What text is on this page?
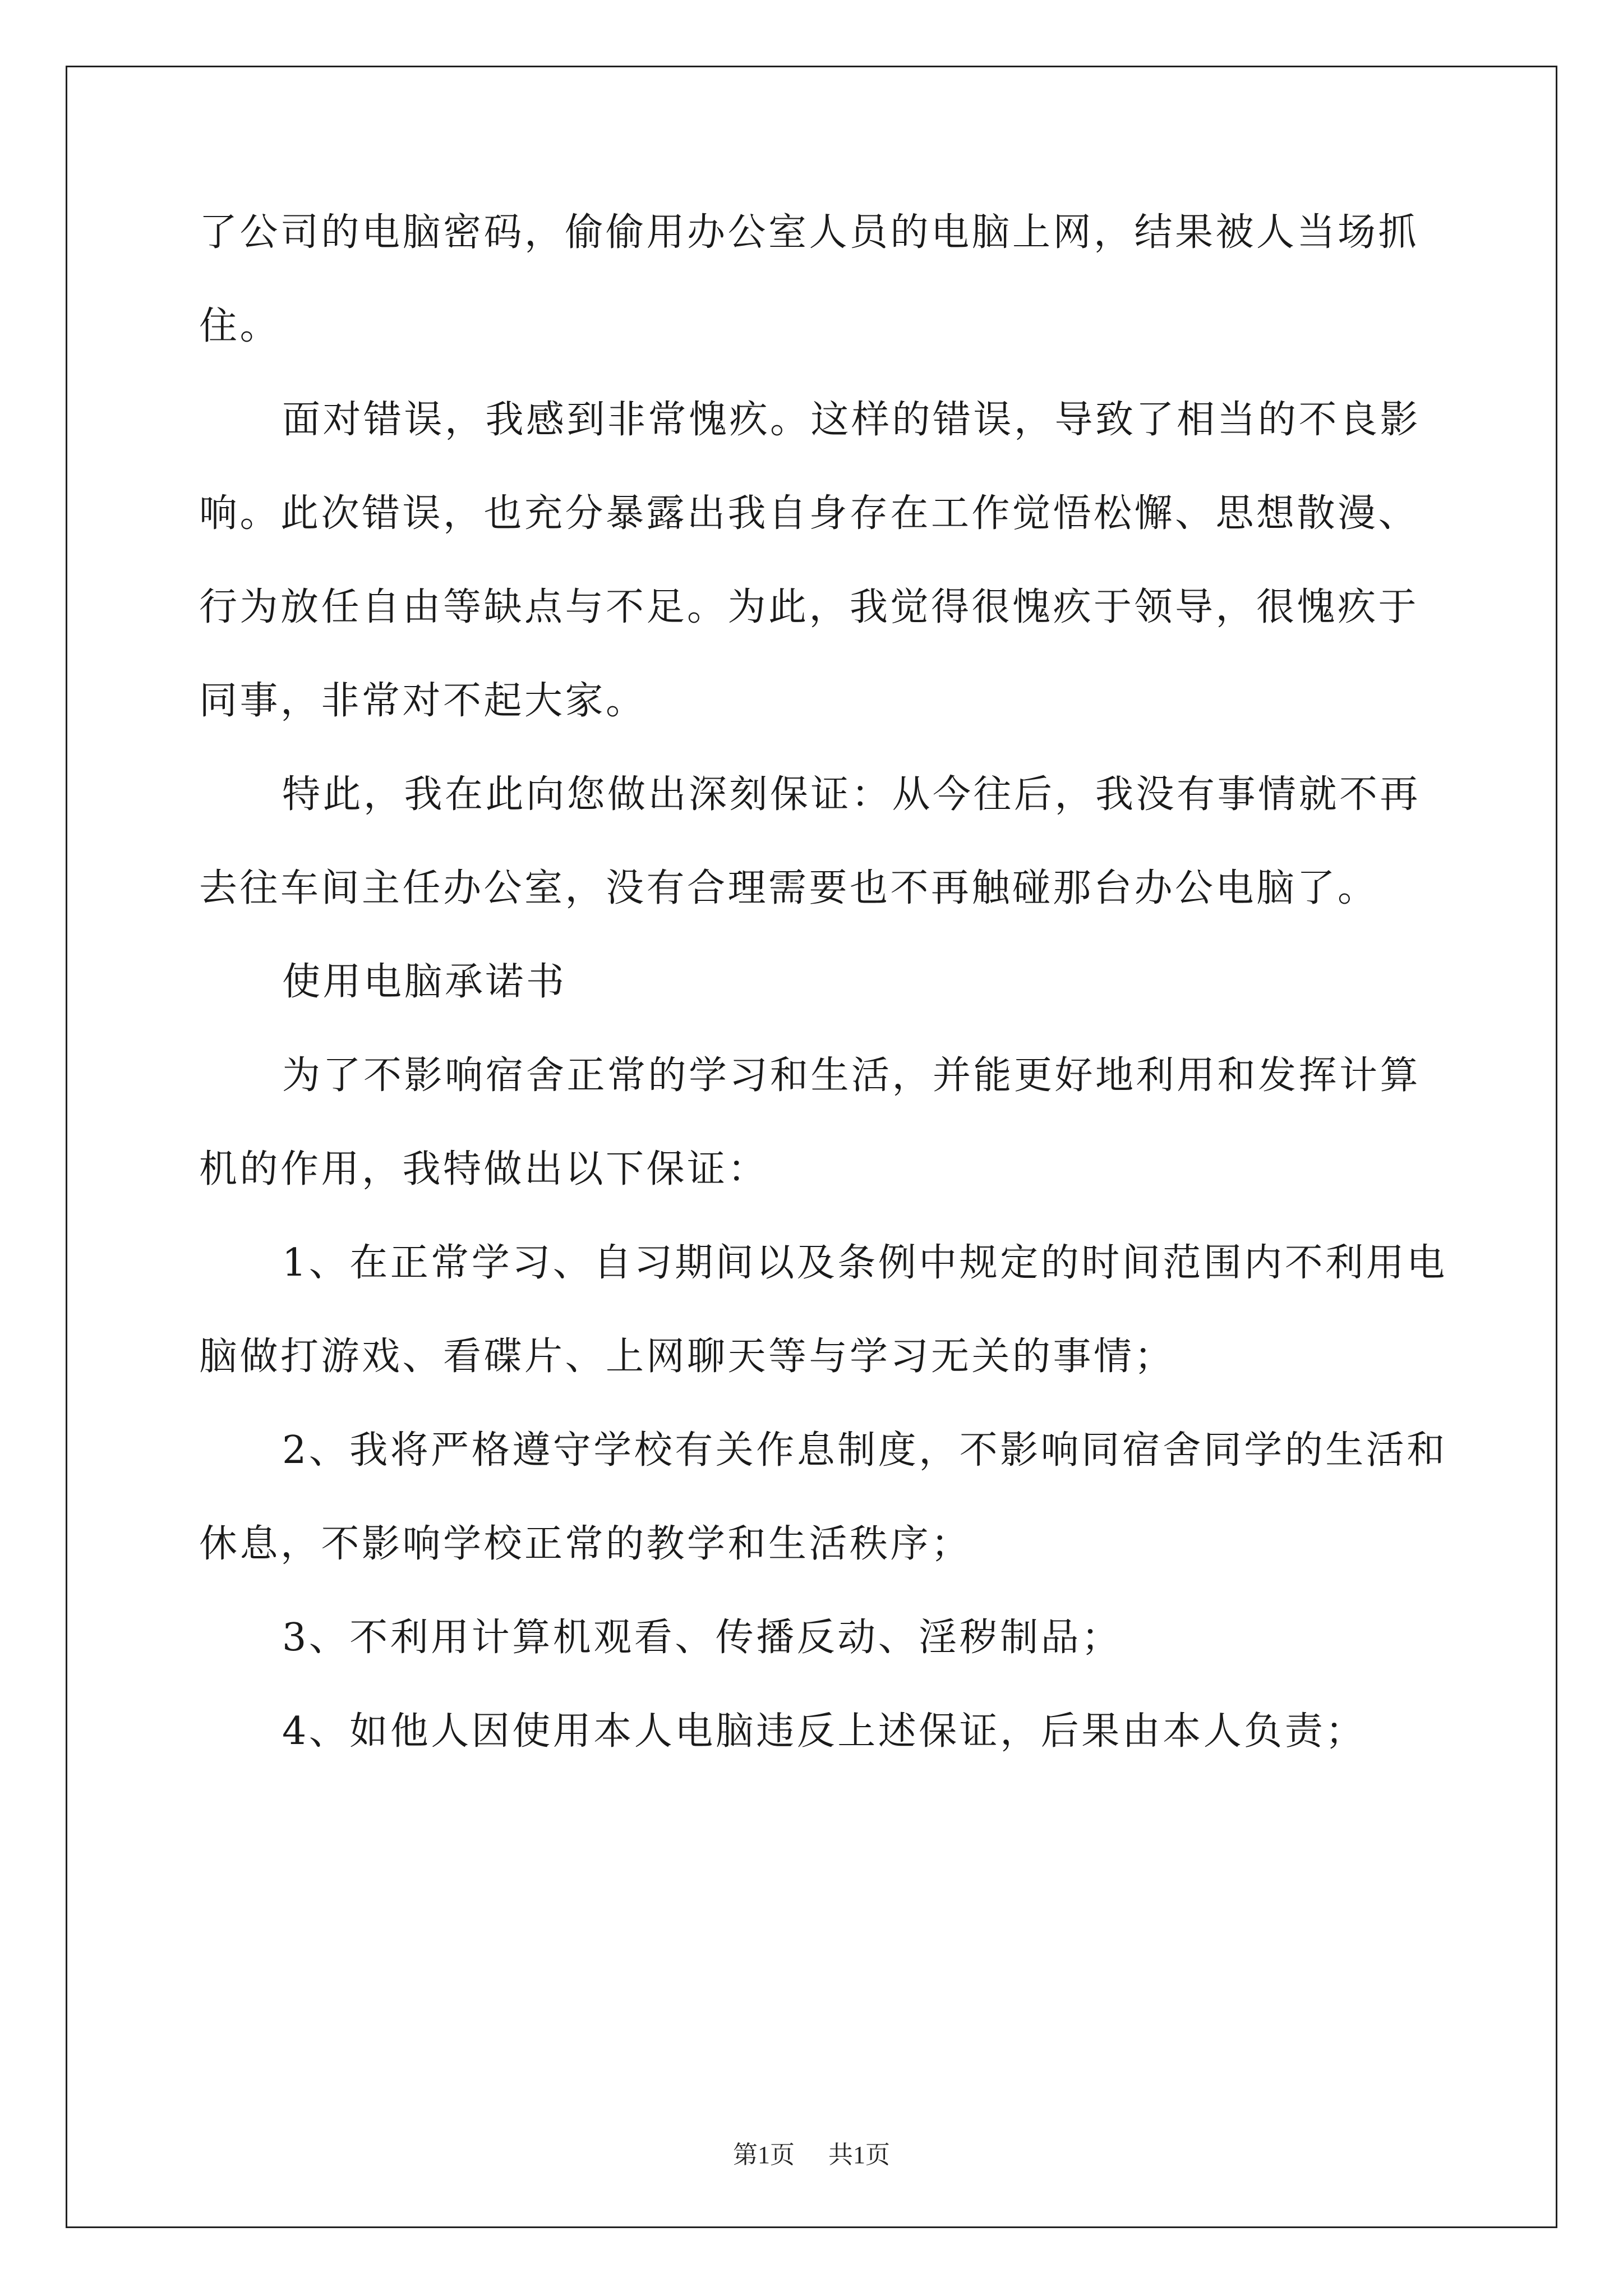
了公司的电脑密码，偷偷用办公室人员的电脑上网，结果被人当场抓
住。
面对错误，我感到非常愧疚。这样的错误，导致了相当的不良影
响。此次错误，也充分暴露出我自身存在工作觉悟松懈、思想散漫、
行为放任自由等缺点与不足。为此，我觉得很愧疚于领导，很愧疚于
同事，非常对不起大家。
特此，我在此向您做出深刻保证：从今往后，我没有事情就不再
去往车间主任办公室，没有合理需要也不再触碰那台办公电脑了。
使用电脑承诺书
为了不影响宿舍正常的学习和生活，并能更好地利用和发挥计算
机的作用，我特做出以下保证：
1、在正常学习、自习期间以及条例中规定的时间范围内不利用电
脑做打游戏、看碟片、上网聊天等与学习无关的事情；
2、我将严格遵守学校有关作息制度，不影响同宿舍同学的生活和
休息，不影响学校正常的教学和生活秩序；
3、不利用计算机观看、传播反动、淫秽制品；
4、如他人因使用本人电脑违反上述保证，后果由本人负责；
第1页 共1页
